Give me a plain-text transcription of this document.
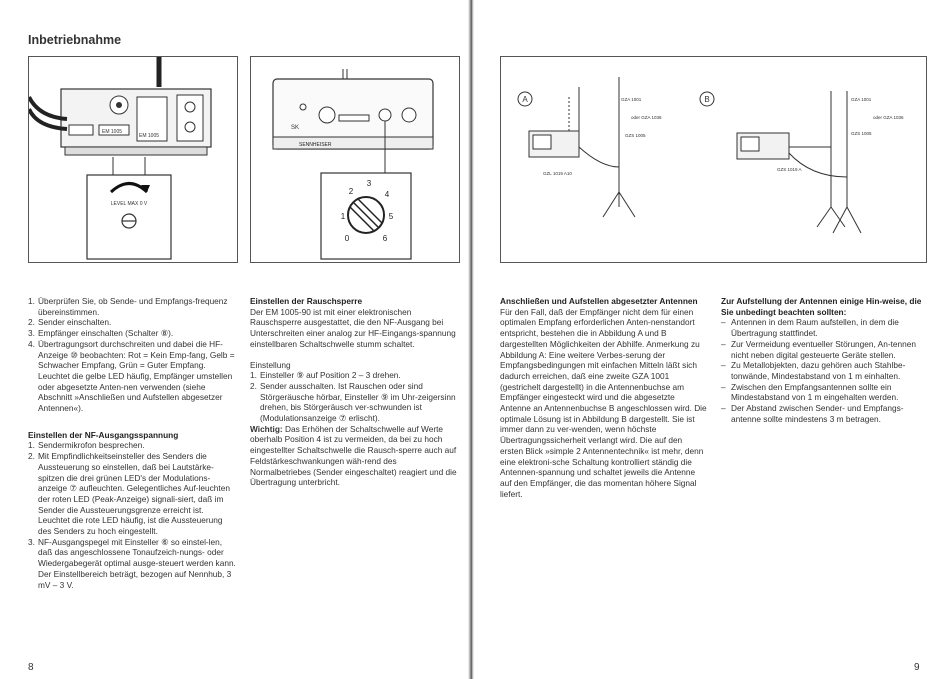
Inbetriebnahme
EM 1005
EM 1005
LEVEL MAX 0 V
SK
SENNHEISER
1
2
3
4
5
6
0
A	B
GZA 1001
oder GZA 1036
GZS 1005
GZL 1019 A10
GZA 1001
oder GZA 1036
GZS 1005
GZS 1019 A
1. Überprüfen Sie, ob Sende- und Empfangs-frequenz übereinstimmen.
2. Sender einschalten.
3. Empfänger einschalten (Schalter ⑧).
4. Übertragungsort durchschreiten und dabei die HF-Anzeige ⑩ beobachten: Rot = Kein Emp-fang, Gelb = Schwacher Empfang, Grün = Guter Empfang. Leuchtet die gelbe LED häufig, Empfänger umstellen oder abgesetzte Anten-nen verwenden (siehe Abschnitt »Anschließen und Aufstellen abgesetzer Antennen«).

Einstellen der NF-Ausgangsspannung

1. Sendermikrofon besprechen.
2. Mit Empfindlichkeitseinsteller des Senders die Aussteuerung so einstellen, daß bei Lautstärke-spitzen die drei grünen LED's der Modulations-anzeige ⑦ aufleuchten. Gelegentliches Auf-leuchten der roten LED (Peak-Anzeige) signali-siert, daß im Sender die Aussteuerungsgrenze erreicht ist. Leuchtet die rote LED häufig, ist die Aussteuerung des Senders zu hoch eingestellt.
3. NF-Ausgangspegel mit Einsteller ⑥ so einstel-len, daß das angeschlossene Tonaufzeich-nungs- oder Wiedergabegerät optimal ausge-steuert werden kann. Der Einstellbereich beträgt, bezogen auf Nennhub, 3 mV – 3 V.

Einstellen der Rauschsperre

Der EM 1005-90 ist mit einer elektronischen Rauschsperre ausgestattet, die den NF-Ausgang bei Unterschreiten einer analog zur HF-Eingangs-spannung einstellbaren Schaltschwelle stumm schaltet.

Einstellung

1. Einsteller ⑨ auf Position 2 – 3 drehen.
2. Sender ausschalten. Ist Rauschen oder sind Störgeräusche hörbar, Einsteller ⑨ im Uhr-zeigersinn drehen, bis Störgeräusch ver-schwunden ist (Modulationsanzeige ⑦ erlischt).

Wichtig: Das Erhöhen der Schaltschwelle auf Werte oberhalb Position 4 ist zu vermeiden, da bei zu hoch eingestellter Schaltschwelle die Rausch-sperre auch auf Feldstärkeschwankungen wäh-rend des Normalbetriebes (Sender eingeschaltet) reagiert und die Übertragung unterbricht.

Anschließen und Aufstellen abgesetzter Antennen

Für den Fall, daß der Empfänger nicht dem für einen optimalen Empfang erforderlichen Anten-nenstandort entspricht, bestehen die in Abbildung A und B dargestellten Möglichkeiten der Abhilfe. Anmerkung zu Abbildung A: Eine weitere Verbes-serung der Empfangsbedingungen mit einfachen Mitteln läßt sich dadurch erreichen, daß eine zweite GZA 1001 (gestrichelt dargestellt) in die Antennenbuchse am Empfänger eingesteckt wird und die abgesetzte Antenne an Antennenbuchse B angeschlossen wird. Die optimale Lösung ist in Abbildung B dargestellt. Sie ist immer dann zu ver-wenden, wenn höchste Übertragungssicherheit verlangt wird. Die auf den ersten Blick »simple 2 Antennentechnik« ist mehr, denn eine elektroni-sche Schaltung kontrolliert ständig die Antennen-spannung und schaltet jeweils die Antenne auf den Empfänger, die das momentan höhere Signal liefert.

Zur Aufstellung der Antennen einige Hin-weise, die Sie unbedingt beachten sollten:

– Antennen in dem Raum aufstellen, in dem die Übertragung stattfindet.
– Zur Vermeidung eventueller Störungen, An-tennen nicht neben digital gesteuerte Geräte stellen.
– Zu Metallobjekten, dazu gehören auch Stahlbe-tonwände, Mindestabstand von 1 m einhalten.
– Zwischen den Empfangsantennen sollte ein Mindestabstand von 1 m eingehalten werden.
– Der Abstand zwischen Sender- und Empfangs-antenne sollte mindestens 3 m betragen.
8	9
